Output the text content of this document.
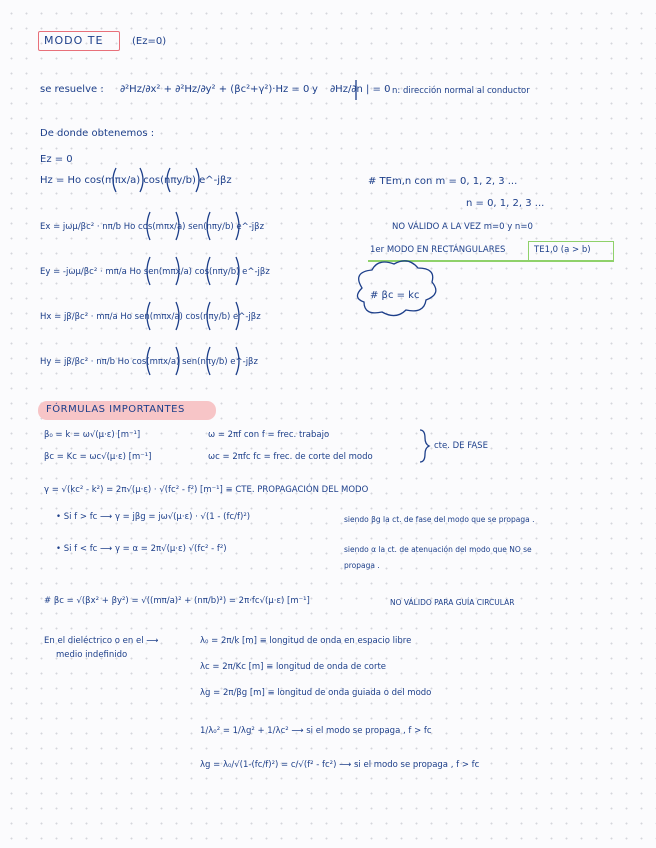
MODO TE	(Ez=0)
se resuelve : ∂²Hz/∂x² + ∂²Hz/∂y² + (βc²+γ²)·Hz = 0 y ∂Hz/∂n | = 0 n: dirección normal al conductor
De donde obtenemos :
Ez = 0
Hz = Ho cos(mπx/a) cos(nπy/b) e^-jβz
Ex = jωμ/βc² · nπ/b Ho cos(mπx/a) sen(nπy/b) e^-jβz
Ey = -jωμ/βc² · mπ/a Ho sen(mπx/a) cos(nπy/b) e^-jβz
Hx = jβ/βc² · mπ/a Ho sen(mπx/a) cos(nπy/b) e^-jβz
Hy = jβ/βc² · nπ/b Ho cos(mπx/a) sen(nπy/b) e^-jβz
# TEm,n con m = 0, 1, 2, 3 ...
n = 0, 1, 2, 3 ...
NO VÁLIDO A LA VEZ m=0 y n=0
1er MODO EN RECTÁNGULARES	TE1,0 (a > b)
# βc = kc
FÓRMULAS IMPORTANTES
β₀ = k = ω√(μ·ε) [m⁻¹]	ω = 2πf con f = frec. trabajo
βc = Kc = ωc√(μ·ε) [m⁻¹]	ωc = 2πfc fc = frec. de corte del modo
cte. DE FASE
γ = √(kc² - k²) = 2π√(μ·ε) · √(fc² - f²) [m⁻¹] ≡ CTE. PROPAGACIÓN DEL MODO
• Si f > fc ⟶ γ = jβg = jω√(μ·ε) · √(1 - (fc/f)²)	siendo βg la ct. de fase del modo que se propaga .
• Si f < fc ⟶ γ = α = 2π√(μ·ε) √(fc² - f²)	siendo α la ct. de atenuación del modo que NO se
propaga .
# βc = √(βx² + βy²) = √((mπ/a)² + (nπ/b)²) = 2π·fc√(μ·ε) [m⁻¹]	NO VÁLIDO PARA GUÍA CIRCULAR
En el dieléctrico o en el ⟶
medio indefinido
λ₀ = 2π/k [m] ≡ longitud de onda en espacio libre
λc = 2π/Kc [m] ≡ longitud de onda de corte
λg = 2π/βg [m] ≡ longitud de onda guiada o del modo
1/λ₀² = 1/λg² + 1/λc² ⟶ si el modo se propaga , f > fc
λg = λ₀/√(1-(fc/f)²) = c/√(f² - fc²) ⟶ si el modo se propaga , f > fc
